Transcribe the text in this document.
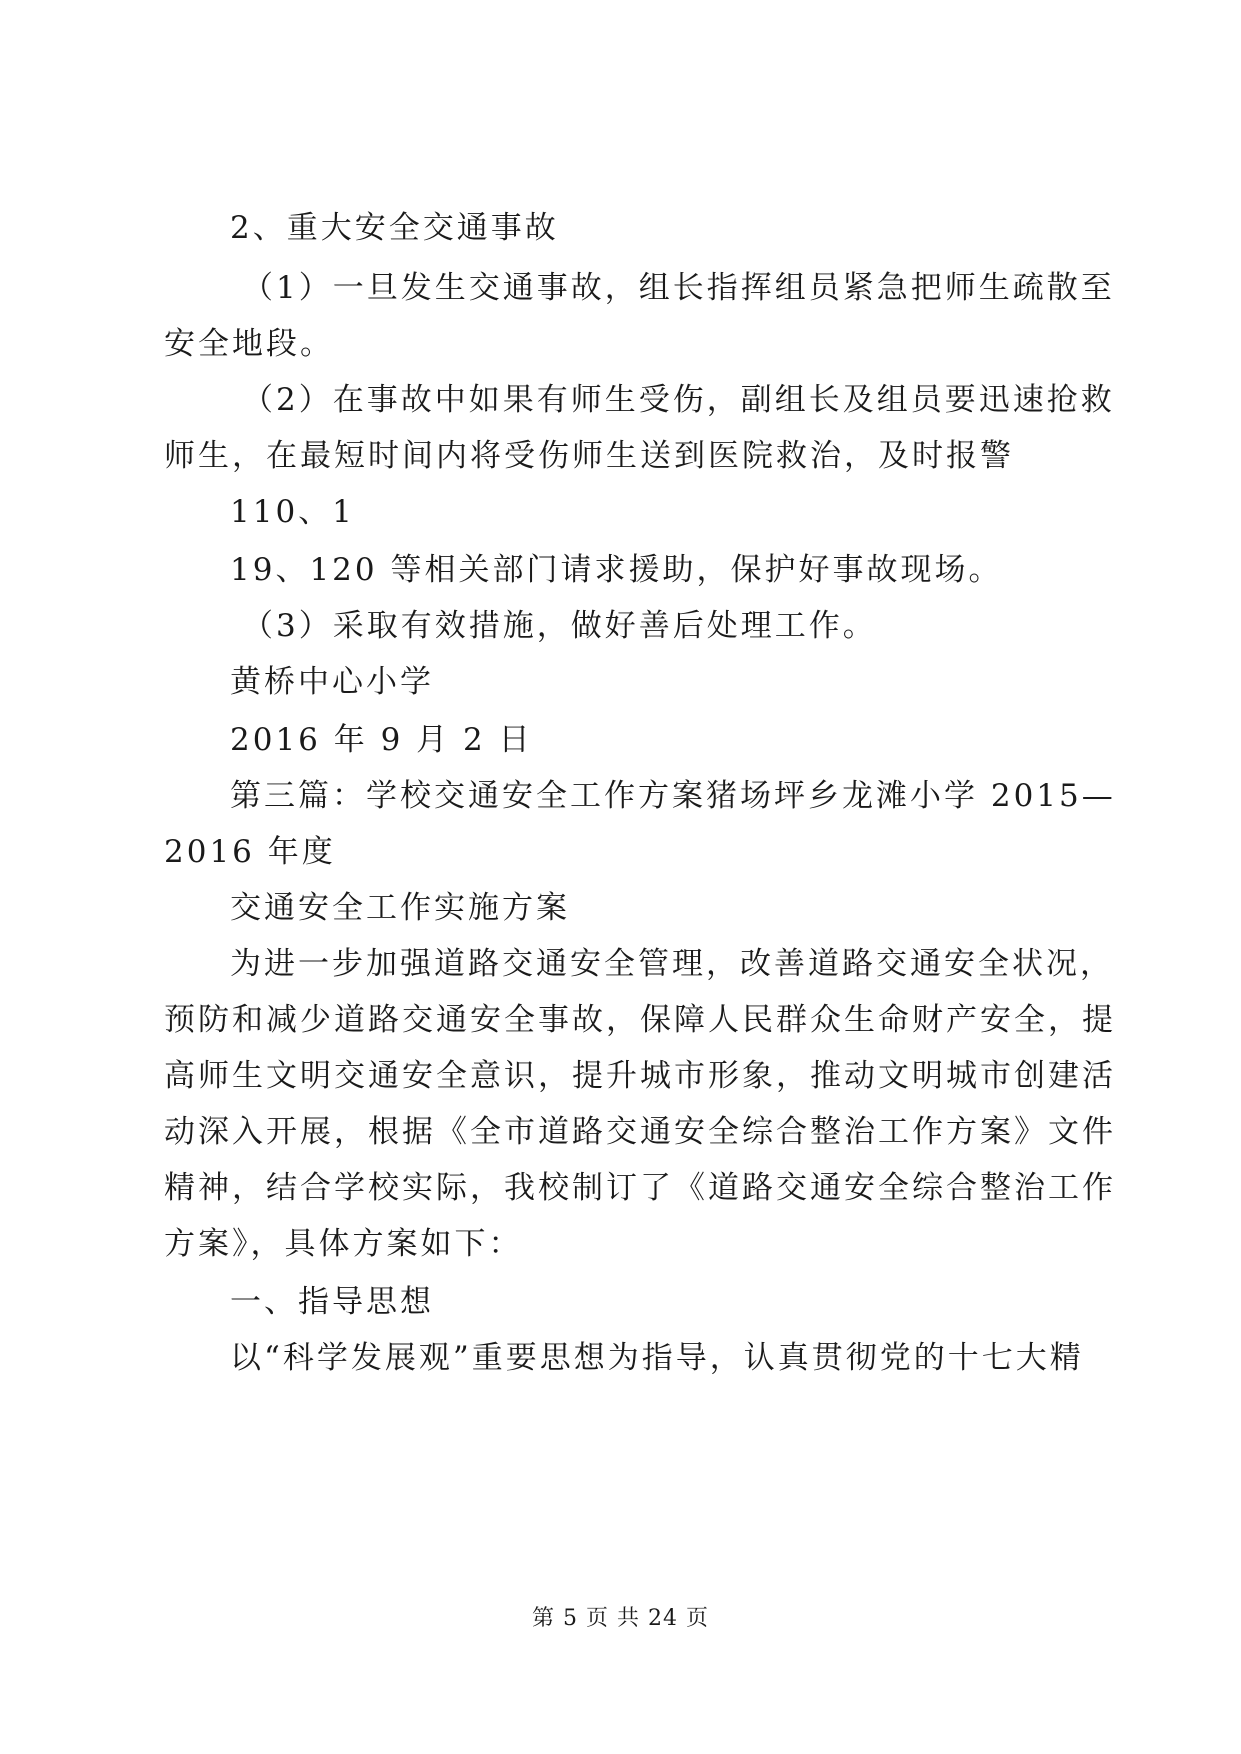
2、重大安全交通事故
（1）一旦发生交通事故，组长指挥组员紧急把师生疏散至
安全地段。
（2）在事故中如果有师生受伤，副组长及组员要迅速抢救
师生，在最短时间内将受伤师生送到医院救治，及时报警
110、1
19、120 等相关部门请求援助，保护好事故现场。
（3）采取有效措施，做好善后处理工作。
黄桥中心小学
2016 年 9 月 2 日
第三篇：学校交通安全工作方案猪场坪乡龙滩小学 2015—
2016 年度
交通安全工作实施方案
为进一步加强道路交通安全管理，改善道路交通安全状况，
预防和减少道路交通安全事故，保障人民群众生命财产安全，提
高师生文明交通安全意识，提升城市形象，推动文明城市创建活
动深入开展，根据《全市道路交通安全综合整治工作方案》文件
精神，结合学校实际，我校制订了《道路交通安全综合整治工作
方案》，具体方案如下：
一、指导思想
以“科学发展观”重要思想为指导，认真贯彻党的十七大精
第 5 页 共 24 页
